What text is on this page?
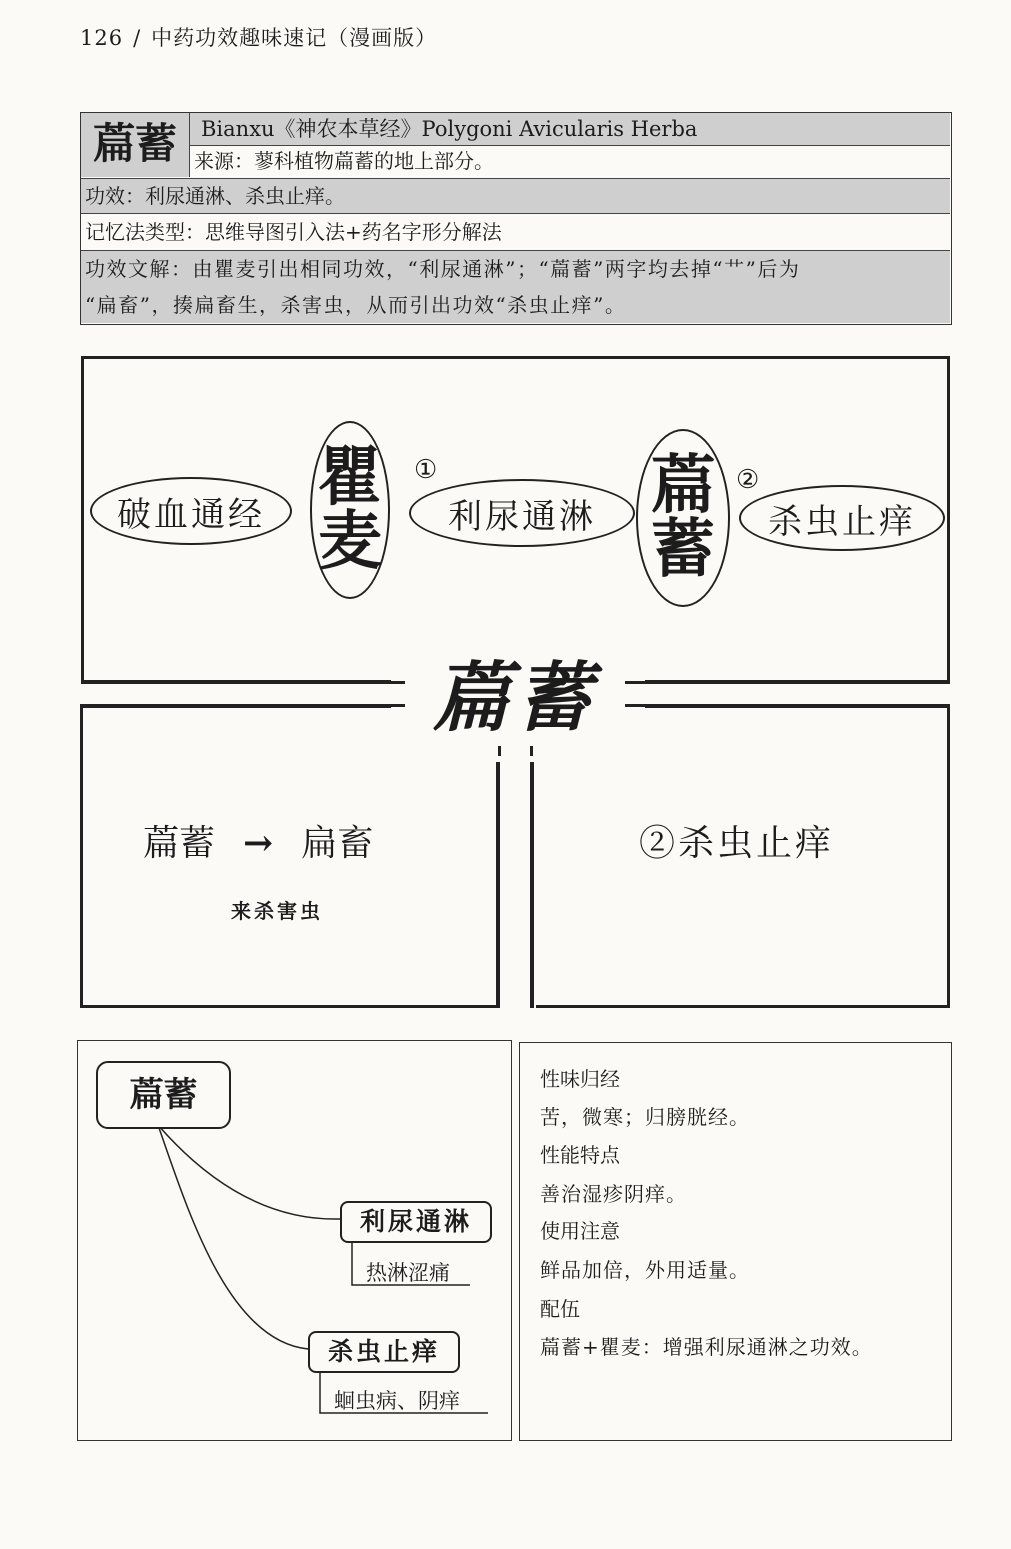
126 / 中药功效趣味速记（漫画版）
萹蓄	Bianxu《神农本草经》Polygoni Avicularis Herba
来源：蓼科植物萹蓄的地上部分。
功效：利尿通淋、杀虫止痒。
记忆法类型：思维导图引入法+药名字形分解法
功效文解：由瞿麦引出相同功效，“利尿通淋”；“萹蓄”两字均去掉“艹”后为
“扁畜”，揍扁畜生，杀害虫，从而引出功效“杀虫止痒”。
破血通经 瞿
麦
①
利尿通淋 萹
蓄
②
杀虫止痒
萹蓄 → 扁畜
来杀害虫
②杀虫止痒
萹蓄
萹蓄
利尿通淋
热淋涩痛
杀虫止痒
蛔虫病、阴痒
性味归经
苦，微寒；归膀胱经。
性能特点
善治湿疹阴痒。
使用注意
鲜品加倍，外用适量。
配伍
萹蓄+瞿麦：增强利尿通淋之功效。
